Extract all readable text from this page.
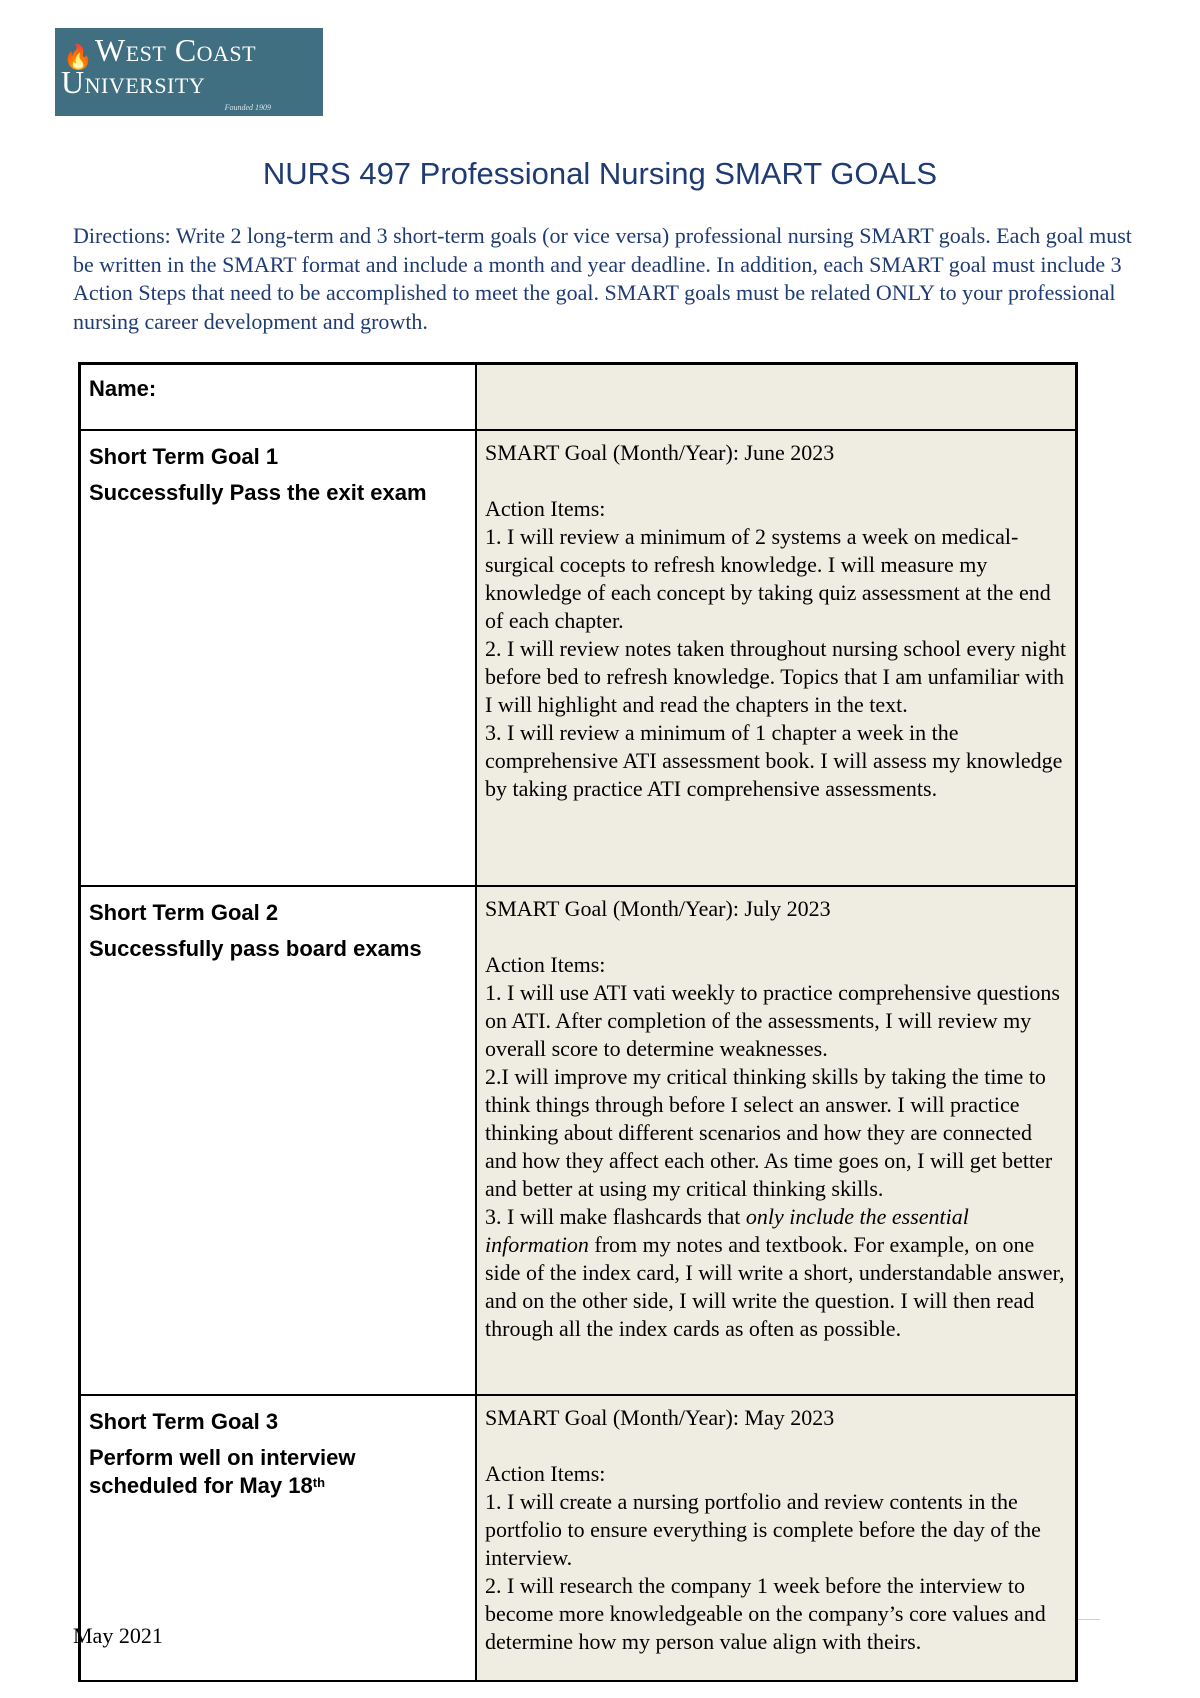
🔥 West Coast
University
Founded 1909
NURS 497 Professional Nursing SMART GOALS
Directions: Write 2 long-term and 3 short-term goals (or vice versa) professional nursing SMART goals. Each goal must be written in the SMART format and include a month and year deadline. In addition, each SMART goal must include 3 Action Steps that need to be accomplished to meet the goal. SMART goals must be related ONLY to your professional nursing career development and growth.
Name:	

Short Term Goal 1
Successfully Pass the exit exam	SMART Goal (Month/Year): June 2023
Action Items:
1. I will review a minimum of 2 systems a week on medical-surgical cocepts to refresh knowledge. I will measure my knowledge of each concept by taking quiz assessment at the end of each chapter.
2. I will review notes taken throughout nursing school every night before bed to refresh knowledge. Topics that I am unfamiliar with I will highlight and read the chapters in the text.
3. I will review a minimum of 1 chapter a week in the comprehensive ATI assessment book. I will assess my knowledge by taking practice ATI comprehensive assessments.

Short Term Goal 2
Successfully pass board exams	SMART Goal (Month/Year): July 2023
Action Items:
1. I will use ATI vati weekly to practice comprehensive questions on ATI. After completion of the assessments, I will review my overall score to determine weaknesses.
2.I will improve my critical thinking skills by taking the time to think things through before I select an answer. I will practice thinking about different scenarios and how they are connected and how they affect each other. As time goes on, I will get better and better at using my critical thinking skills.
3. I will make flashcards that only include the essential information from my notes and textbook. For example, on one side of the index card, I will write a short, understandable answer, and on the other side, I will write the question. I will then read through all the index cards as often as possible.

Short Term Goal 3
Perform well on interview scheduled for May 18th	SMART Goal (Month/Year): May 2023
Action Items:
1. I will create a nursing portfolio and review contents in the portfolio to ensure everything is complete before the day of the interview.
2. I will research the company 1 week before the interview to become more knowledgeable on the company’s core values and determine how my person value align with theirs.
May 2021
